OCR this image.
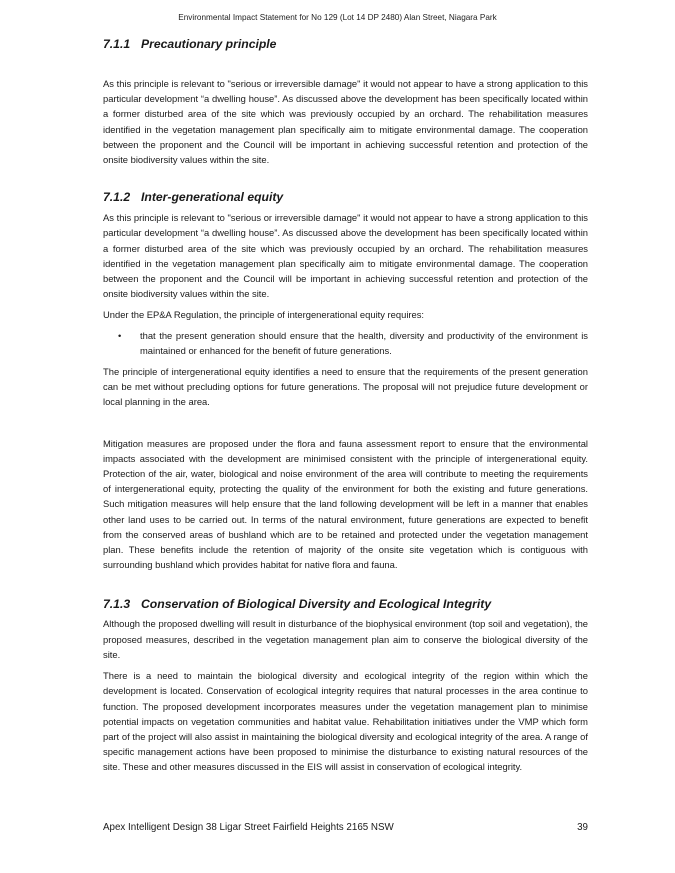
Environmental Impact Statement for No 129 (Lot 14 DP 2480) Alan Street, Niagara Park
7.1.1 Precautionary principle

As this principle is relevant to "serious or irreversible damage" it would not appear to have a strong application to this particular development “a dwelling house”. As discussed above the development has been specifically located within a former disturbed area of the site which was previously occupied by an orchard. The rehabilitation measures identified in the vegetation management plan specifically aim to mitigate environmental damage. The cooperation between the proponent and the Council will be important in achieving successful retention and protection of the onsite biodiversity values within the site.

7.1.2 Inter-generational equity

As this principle is relevant to "serious or irreversible damage" it would not appear to have a strong application to this particular development “a dwelling house”. As discussed above the development has been specifically located within a former disturbed area of the site which was previously occupied by an orchard. The rehabilitation measures identified in the vegetation management plan specifically aim to mitigate environmental damage. The cooperation between the proponent and the Council will be important in achieving successful retention and protection of the onsite biodiversity values within the site.

Under the EP&A Regulation, the principle of intergenerational equity requires:

• that the present generation should ensure that the health, diversity and productivity of the environment is maintained or enhanced for the benefit of future generations.

The principle of intergenerational equity identifies a need to ensure that the requirements of the present generation can be met without precluding options for future generations. The proposal will not prejudice future development or local planning in the area.

Mitigation measures are proposed under the flora and fauna assessment report to ensure that the environmental impacts associated with the development are minimised consistent with the principle of intergenerational equity. Protection of the air, water, biological and noise environment of the area will contribute to meeting the requirements of intergenerational equity, protecting the quality of the environment for both the existing and future generations. Such mitigation measures will help ensure that the land following development will be left in a manner that enables other land uses to be carried out. In terms of the natural environment, future generations are expected to benefit from the conserved areas of bushland which are to be retained and protected under the vegetation management plan. These benefits include the retention of majority of the onsite site vegetation which is contiguous with surrounding bushland which provides habitat for native flora and fauna.

7.1.3 Conservation of Biological Diversity and Ecological Integrity

Although the proposed dwelling will result in disturbance of the biophysical environment (top soil and vegetation), the proposed measures, described in the vegetation management plan aim to conserve the biological diversity of the site.

There is a need to maintain the biological diversity and ecological integrity of the region within which the development is located. Conservation of ecological integrity requires that natural processes in the area continue to function. The proposed development incorporates measures under the vegetation management plan to minimise potential impacts on vegetation communities and habitat value. Rehabilitation initiatives under the VMP which form part of the project will also assist in maintaining the biological diversity and ecological integrity of the area. A range of specific management actions have been proposed to minimise the disturbance to existing natural resources of the site. These and other measures discussed in the EIS will assist in conservation of ecological integrity.

Apex Intelligent Design 38 Ligar Street Fairfield Heights 2165 NSW	39
